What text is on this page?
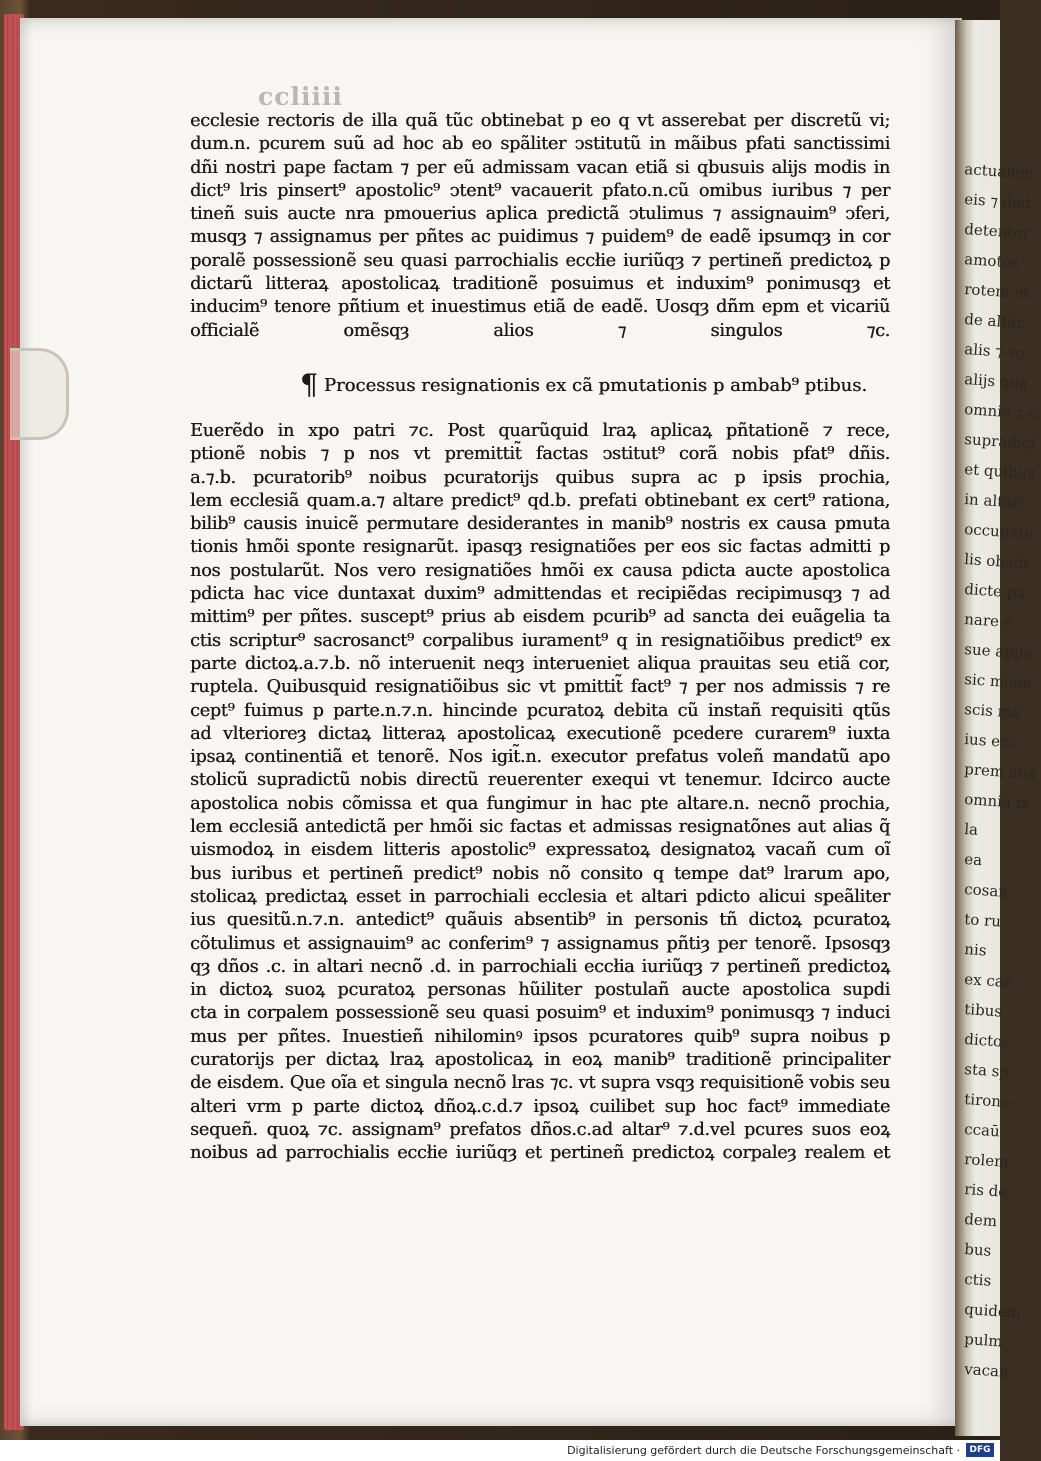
actualem
eis ⁊ ded
detentor
amotos
rotem et
de altar
alis ⁊ vo
alijs qua
omnia ⁊ si
supradict
et quibus
in altari
occupato
lis obedi
dicte pa
nare e
sue appe
sic mone
scis ma
ius ecc
prem ana
omnia tr
la
ea
cosan
to ru
nis
ex can
tibus
dictos
sta sp
tirone
ccaū
rolem
ris de
dem
bus
ctis
quidem
pulm
vacan

ccliiii

ecclesie rectoris de illa quã tũc obtinebat p eo q vt asserebat per discretũ vi;
dum.n. pcurem suũ ad hoc ab eo spãliter ↄstitutũ in mãibus pfati sanctissimi
dñi nostri pape factam ⁊ per eũ admissam vacan etiã si qbusuis alijs modis in
dict⁹ lris pinsert⁹ apostolic⁹ ↄtent⁹ vacauerit pfato.n.cũ omibus iuribus ⁊ per
tineñ suis aucte nra pmouerius aplica predictã ↄtulimus ⁊ assignauim⁹ ↄferi,
musqȝ ⁊ assignamus per pñtes ac puidimus ⁊ puidem⁹ de eadẽ ipsumqȝ in cor
poralẽ possessionẽ seu quasi parrochialis eccłie iuriũqȝ ⁊ pertineñ predictoꝝ p
dictarũ litteraꝝ apostolicaꝝ traditionẽ posuimus et induxim⁹ ponimusqȝ et
inducim⁹ tenore pñtium et inuestimus etiã de eadẽ. Uosqȝ dñm epm et vicariũ
officialẽ omẽsqȝ alios ⁊ singulos ⁊c.
¶ Processus resignationis ex cã pmutationis p ambab⁹ ptibus.
Euerẽdo in xpo patri ⁊c. Post quarũquid lraꝝ aplicaꝝ pñtationẽ ⁊ rece,
ptionẽ nobis ⁊ p nos vt premittit̃ factas ↄstitut⁹ corã nobis pfat⁹ dñis.
a.⁊.b. pcuratorib⁹ noibus pcuratorijs quibus supra ac p ipsis prochia,
lem ecclesiã quam.a.⁊ altare predict⁹ qd.b. prefati obtinebant ex cert⁹ rationa,
bilib⁹ causis inuicẽ permutare desiderantes in manib⁹ nostris ex causa pmuta
tionis hmõi sponte resignarũt. ipasqȝ resignatiões per eos sic factas admitti p
nos postularũt. Nos vero resignatiões hmõi ex causa pdicta aucte apostolica
pdicta hac vice duntaxat duxim⁹ admittendas et recipiẽdas recipimusqȝ ⁊ ad
mittim⁹ per pñtes. suscept⁹ prius ab eisdem pcurib⁹ ad sancta dei euãgelia ta
ctis scriptur⁹ sacrosanct⁹ corpalibus iurament⁹ q in resignatiõibus predict⁹ ex
parte dictoꝝ.a.⁊.b. nõ interuenit neqȝ interueniet aliqua prauitas seu etiã cor,
ruptela. Quibusquid resignatiõibus sic vt pmittit̃ fact⁹ ⁊ per nos admissis ⁊ re
cept⁹ fuimus p parte.n.⁊.n. hincinde pcuratoꝝ debita cũ instañ requisiti qtũs
ad vlterioreȝ dictaꝝ litteraꝝ apostolicaꝝ executionẽ pcedere curarem⁹ iuxta
ipsaꝝ continentiã et tenorẽ. Nos igit̃.n. executor prefatus voleñ mandatũ apo
stolicũ supradictũ nobis directũ reuerenter exequi vt tenemur. Idcirco aucte
apostolica nobis cõmissa et qua fungimur in hac pte altare.n. necnõ prochia,
lem ecclesiã antedictã per hmõi sic factas et admissas resignatõnes aut alias q̃
uismodoꝝ in eisdem litteris apostolic⁹ expressatoꝝ designatoꝝ vacañ cum oĩ
bus iuribus et pertineñ predict⁹ nobis nõ consito q tempe dat⁹ lrarum apo,
stolicaꝝ predictaꝝ esset in parrochiali ecclesia et altari pdicto alicui speãliter
ius quesitũ.n.⁊.n. antedict⁹ quãuis absentib⁹ in personis tñ dictoꝝ pcuratoꝝ
cõtulimus et assignauim⁹ ac conferim⁹ ⁊ assignamus pñtiȝ per tenorẽ. Ipsosqȝ
qȝ dños .c. in altari necnõ .d. in parrochiali eccłia iuriũqȝ ⁊ pertineñ predictoꝝ
in dictoꝝ suoꝝ pcuratoꝝ personas hũiliter postulañ aucte apostolica supdi
cta in corpalem possessionẽ seu quasi posuim⁹ et induxim⁹ ponimusqȝ ⁊ induci
mus per pñtes. Inuestieñ nihilominꝰ ipsos pcuratores quib⁹ supra noibus p
curatorijs per dictaꝝ lraꝝ apostolicaꝝ in eoꝝ manib⁹ traditionẽ principaliter
de eisdem. Que oĩa et singula necnõ lras ⁊c. vt supra vsqȝ requisitionẽ vobis seu
alteri vrm p parte dictoꝝ dñoꝝ.c.d.⁊ ipsoꝝ cuilibet sup hoc fact⁹ immediate
sequeñ. quoꝝ ⁊c. assignam⁹ prefatos dños.c.ad altar⁹ ⁊.d.vel pcures suos eoꝝ
noibus ad parrochialis eccłie iuriũqȝ et pertineñ predictoꝝ corpaleȝ realem et
Digitalisierung gefördert durch die Deutsche Forschungsgemeinschaft ·	DFG
